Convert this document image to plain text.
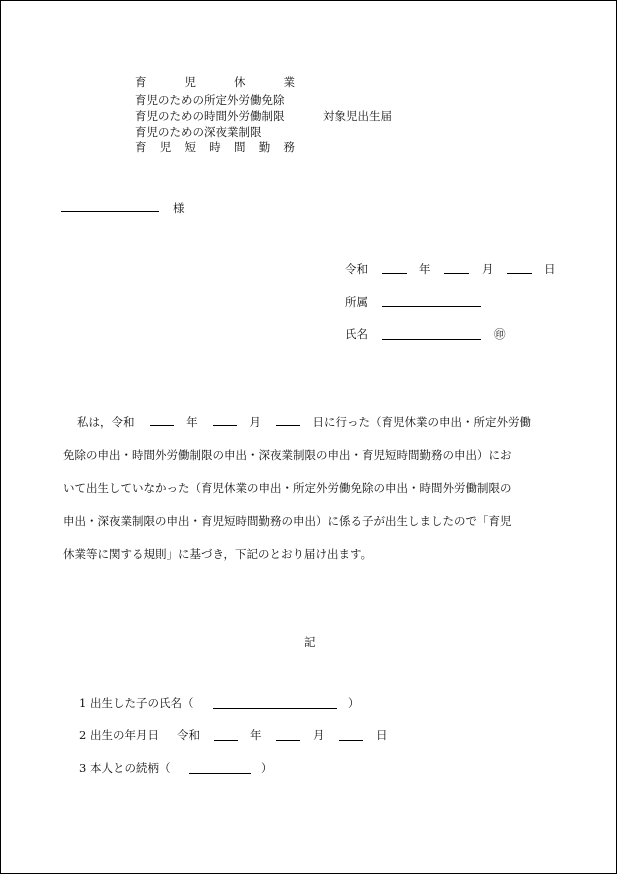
育	児	休	業
育児のための所定外労働免除
育児のための時間外労働制限
育児のための深夜業制限
育 児 短 時 間 勤 務
対象児出生届
様
令和	年	月	日
所属
氏名	㊞
私は，令和	年	月	日に行った（育児休業の申出・所定外労働
免除の申出・時間外労働制限の申出・深夜業制限の申出・育児短時間勤務の申出）にお
いて出生していなかった（育児休業の申出・所定外労働免除の申出・時間外労働制限の
申出・深夜業制限の申出・育児短時間勤務の申出）に係る子が出生しましたので「育児
休業等に関する規則」に基づき，下記のとおり届け出ます。
記
1 出生した子の氏名（	）
2 出生の年月日 令和	年	月	日
3 本人との続柄（	）
